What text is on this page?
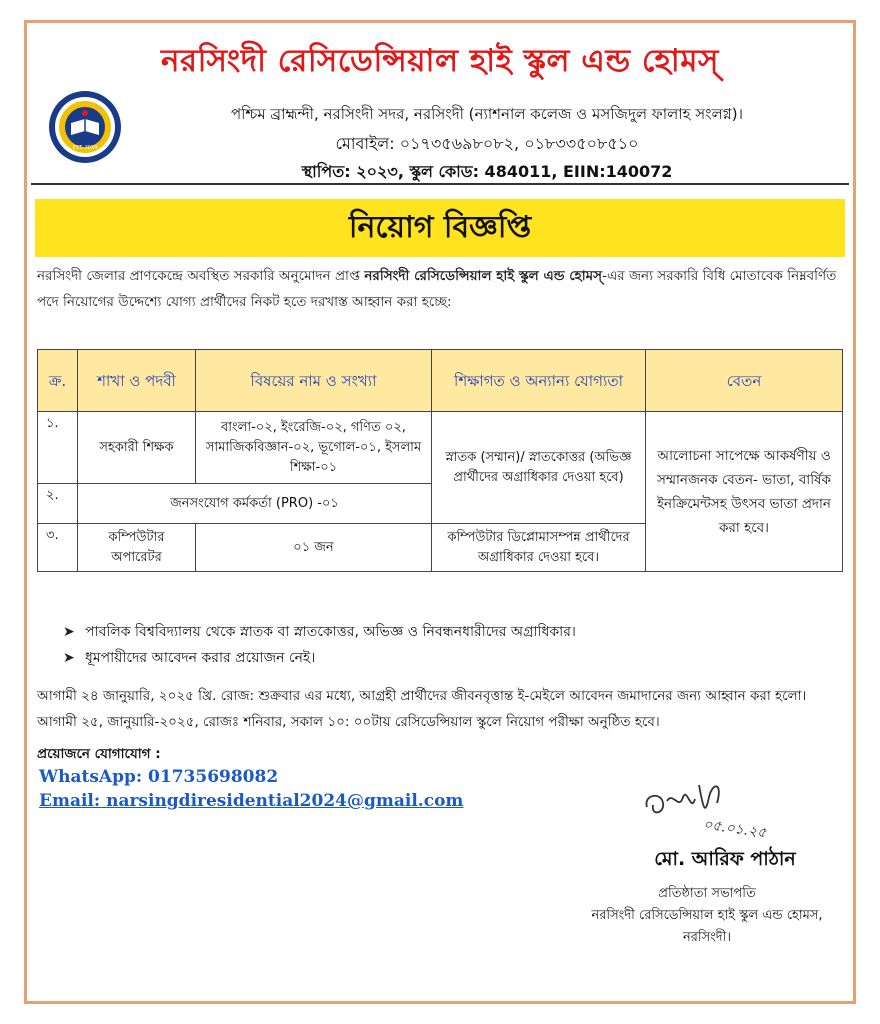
নরসিংদী রেসিডেন্সিয়াল হাই স্কুল এন্ড হোমস্
EST. 2024
পশ্চিম ব্রাহ্মন্দী, নরসিংদী সদর, নরসিংদী (ন্যাশনাল কলেজ ও মসজিদুল ফালাহ সংলগ্ন)।
মোবাইল: ০১৭৩৫৬৯৮০৮২, ০১৮৩৩৫০৮৫১০
স্থাপিত: ২০২৩, স্কুল কোড: 484011, EIIN:140072
নিয়োগ বিজ্ঞপ্তি
নরসিংদী জেলার প্রাণকেন্দ্রে অবস্থিত সরকারি অনুমোদন প্রাপ্ত নরসিংদী রেসিডেন্সিয়াল হাই স্কুল এন্ড হোমস্-এর জন্য সরকারি বিধি মোতাবেক নিম্নবর্ণিত পদে নিয়োগের উদ্দেশ্যে যোগ্য প্রার্থীদের নিকট হতে দরখাস্ত আহ্বান করা হচ্ছে:
ক্র.	শাখা ও পদবী	বিষয়ের নাম ও সংখ্যা	শিক্ষাগত ও অন্যান্য যোগ্যতা	বেতন
১.	সহকারী শিক্ষক	বাংলা-০২, ইংরেজি-০২, গণিত ০২, সামাজিকবিজ্ঞান-০২, ভূগোল-০১, ইসলাম শিক্ষা-০১	স্নাতক (সম্মান)/ স্নাতকোত্তর (অভিজ্ঞ প্রার্থীদের অগ্রাধিকার দেওয়া হবে)	আলোচনা সাপেক্ষে আকর্ষণীয় ও সম্মানজনক বেতন- ভাতা, বার্ষিক ইনক্রিমেন্টসহ উৎসব ভাতা প্রদান করা হবে।
২.	জনসংযোগ কর্মকর্তা (PRO) -০১			
৩.	কম্পিউটার অপারেটর	০১ জন	কম্পিউটার ডিপ্লোমাসম্পন্ন প্রার্থীদের অগ্রাধিকার দেওয়া হবে।	
➤ পাবলিক বিশ্ববিদ্যালয় থেকে স্নাতক বা স্নাতকোত্তর, অভিজ্ঞ ও নিবন্ধনধারীদের অগ্রাধিকার।
➤ ধূমপায়ীদের আবেদন করার প্রয়োজন নেই।
আগামী ২৪ জানুয়ারি, ২০২৫ খ্রি. রোজ: শুক্রবার এর মধ্যে, আগ্রহী প্রার্থীদের জীবনবৃত্তান্ত ই-মেইলে আবেদন জমাদানের জন্য আহ্বান করা হলো। আগামী ২৫, জানুয়ারি-২০২৫, রোজঃ শনিবার, সকাল ১০: ০০টায় রেসিডেন্সিয়াল স্কুলে নিয়োগ পরীক্ষা অনুষ্ঠিত হবে।
প্রয়োজনে যোগাযোগ :
WhatsApp: 01735698082
Email: narsingdiresidential2024@gmail.com
০৫.০১.২৫
মো. আরিফ পাঠান
প্রতিষ্ঠাতা সভাপতি
নরসিংদী রেসিডেন্সিয়াল হাই স্কুল এন্ড হোমস, নরসিংদী।
